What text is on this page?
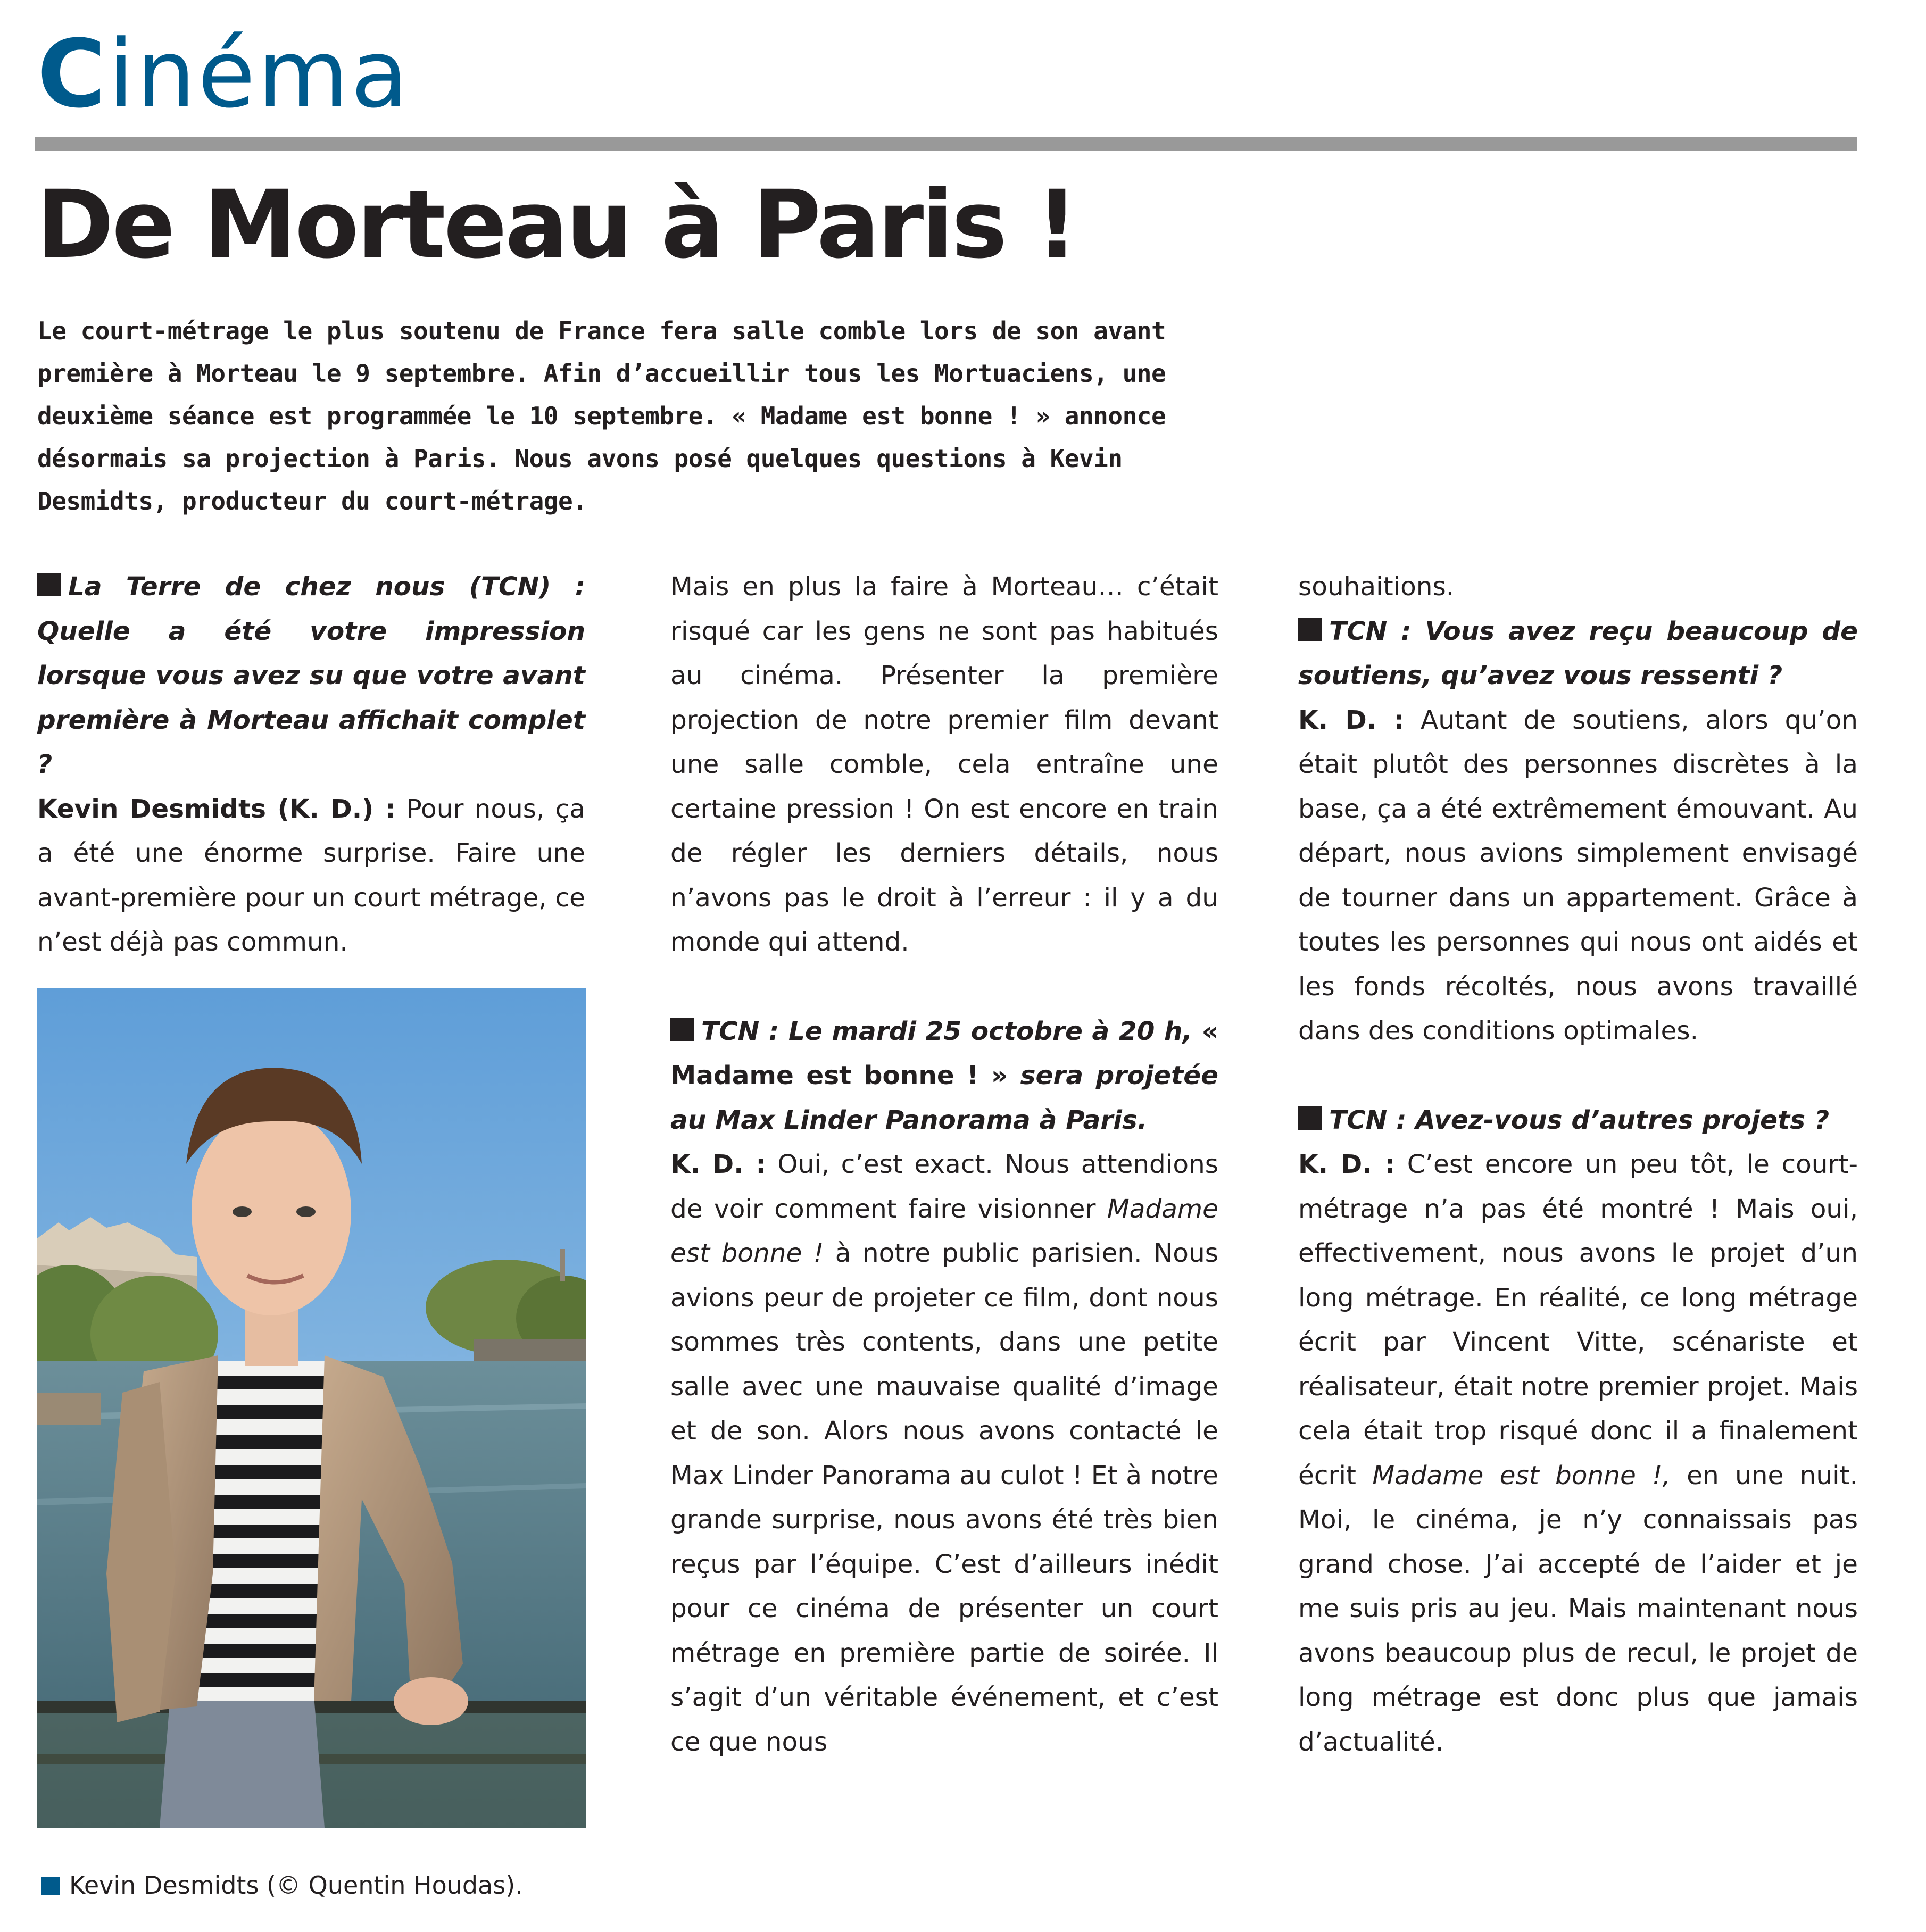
Cinéma
De Morteau à Paris !

Le court-métrage le plus soutenu de France fera salle comble lors de son avant première à Morteau le 9 septembre. Afin d’accueillir tous les Mortuaciens, une deuxième séance est programmée le 10 septembre. « Madame est bonne ! » annonce désormais sa projection à Paris. Nous avons posé quelques questions à Kevin Desmidts, producteur du court-métrage.

La Terre de chez nous (TCN) : Quelle a été votre impression lorsque vous avez su que votre avant première à Morteau affichait complet ?

Kevin Desmidts (K. D.) : Pour nous, ça a été une énorme surprise. Faire une avant-première pour un court métrage, ce n’est déjà pas commun.

Kevin Desmidts (© Quentin Houdas).

Mais en plus la faire à Morteau… c’était risqué car les gens ne sont pas habitués au cinéma. Présenter la première projection de notre premier film devant une salle comble, cela entraîne une certaine pression ! On est encore en train de régler les derniers détails, nous n’avons pas le droit à l’erreur : il y a du monde qui attend.

TCN : Le mardi 25 octobre à 20 h, « Madame est bonne ! » sera projetée au Max Linder Panorama à Paris.

K. D. : Oui, c’est exact. Nous attendions de voir comment faire visionner Madame est bonne ! à notre public parisien. Nous avions peur de projeter ce film, dont nous sommes très contents, dans une petite salle avec une mauvaise qualité d’image et de son. Alors nous avons contacté le Max Linder Panorama au culot ! Et à notre grande surprise, nous avons été très bien reçus par l’équipe. C’est d’ailleurs inédit pour ce cinéma de présenter un court métrage en première partie de soirée. Il s’agit d’un véritable événement, et c’est ce que nous

souhaitions.

TCN : Vous avez reçu beaucoup de soutiens, qu’avez vous ressenti ?

K. D. : Autant de soutiens, alors qu’on était plutôt des personnes discrètes à la base, ça a été extrêmement émouvant. Au départ, nous avions simplement envisagé de tourner dans un appartement. Grâce à toutes les personnes qui nous ont aidés et les fonds récoltés, nous avons travaillé dans des conditions optimales.

TCN : Avez-vous d’autres projets ?

K. D. : C’est encore un peu tôt, le court-métrage n’a pas été montré ! Mais oui, effectivement, nous avons le projet d’un long métrage. En réalité, ce long métrage écrit par Vincent Vitte, scénariste et réalisateur, était notre premier projet. Mais cela était trop risqué donc il a finalement écrit Madame est bonne !, en une nuit. Moi, le cinéma, je n’y connaissais pas grand chose. J’ai accepté de l’aider et je me suis pris au jeu. Mais maintenant nous avons beaucoup plus de recul, le projet de long métrage est donc plus que jamais d’actualité.
